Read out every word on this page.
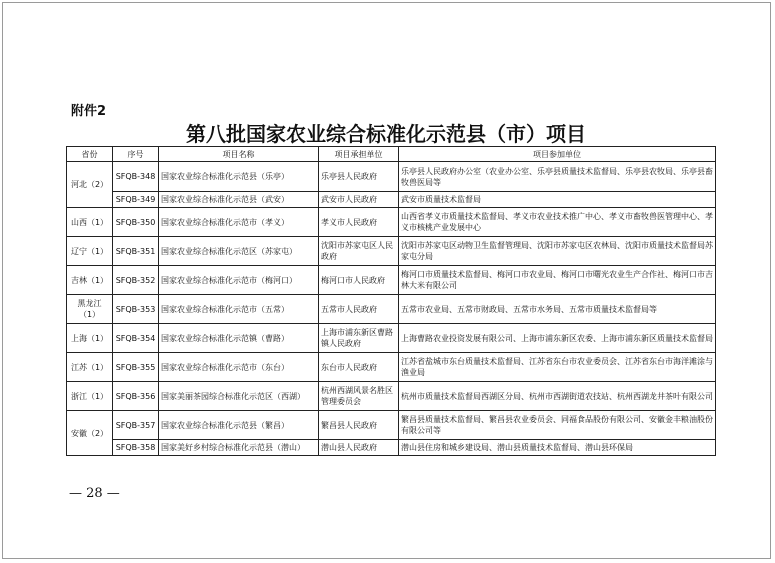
附件2
第八批国家农业综合标准化示范县（市）项目
省份	序号	项目名称	项目承担单位	项目参加单位
河北（2）	SFQB-348	国家农业综合标准化示范县（乐亭）	乐亭县人民政府	乐亭县人民政府办公室（农业办公室、乐亭县质量技术监督局、乐亭县农牧局、乐亭县畜牧兽医局等
	SFQB-349	国家农业综合标准化示范县（武安）	武安市人民政府	武安市质量技术监督局
山西（1）	SFQB-350	国家农业综合标准化示范市（孝义）	孝义市人民政府	山西省孝义市质量技术监督局、孝义市农业技术推广中心、孝义市畜牧兽医管理中心、孝义市核桃产业发展中心
辽宁（1）	SFQB-351	国家农业综合标准化示范区（苏家屯）	沈阳市苏家屯区人民政府	沈阳市苏家屯区动物卫生监督管理局、沈阳市苏家屯区农林局、沈阳市质量技术监督局苏家屯分局
吉林（1）	SFQB-352	国家农业综合标准化示范市（梅河口）	梅河口市人民政府	梅河口市质量技术监督局、梅河口市农业局、梅河口市曙光农业生产合作社、梅河口市吉林大米有限公司
黑龙江（1）	SFQB-353	国家农业综合标准化示范市（五常）	五常市人民政府	五常市农业局、五常市财政局、五常市水务局、五常市质量技术监督局等
上海（1）	SFQB-354	国家农业综合标准化示范镇（曹路）	上海市浦东新区曹路镇人民政府	上海曹路农业投资发展有限公司、上海市浦东新区农委、上海市浦东新区质量技术监督局
江苏（1）	SFQB-355	国家农业综合标准化示范市（东台）	东台市人民政府	江苏省盐城市东台质量技术监督局、江苏省东台市农业委员会、江苏省东台市海洋滩涂与渔业局
浙江（1）	SFQB-356	国家美丽茶园综合标准化示范区（西湖）	杭州西湖风景名胜区管理委员会	杭州市质量技术监督局西湖区分局、杭州市西湖街道农技站、杭州西湖龙井茶叶有限公司
安徽（2）	SFQB-357	国家农业综合标准化示范县（繁昌）	繁昌县人民政府	繁昌县质量技术监督局、繁昌县农业委员会、同福食品股份有限公司、安徽金丰粮油股份有限公司等
	SFQB-358	国家美好乡村综合标准化示范县（潜山）	潜山县人民政府	潜山县住房和城乡建设局、潜山县质量技术监督局、潜山县环保局
— 28 —
